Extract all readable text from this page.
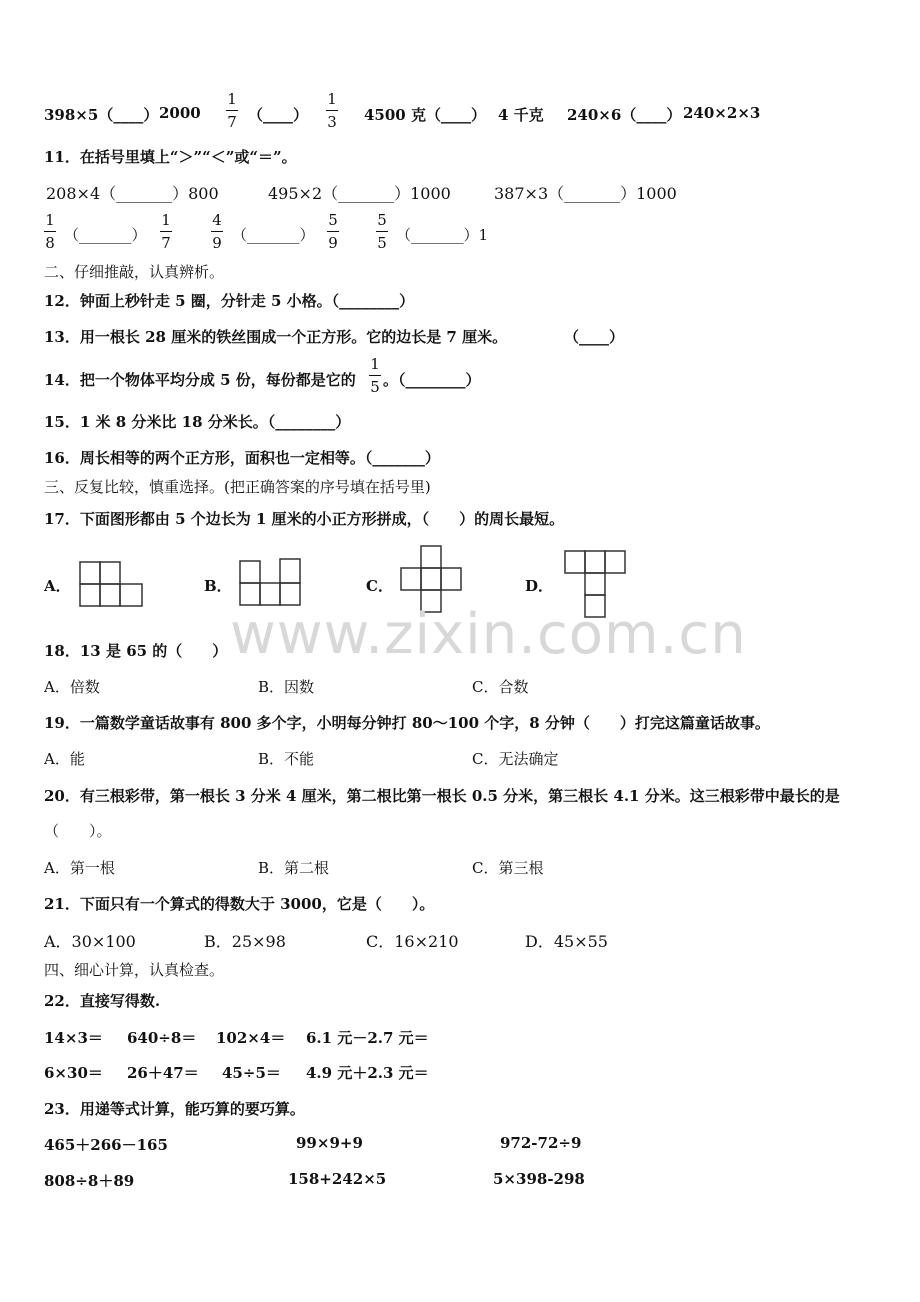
398×5（____） 2000
1
7 （____）
1
3 4500 克（____） 4 千克 240×6（____） 240×2×3
11．在括号里填上“＞”“＜”或“＝”。
208×4（_______）800	495×2（_______）1000	387×3（_______）1000
1
8 （_______）
1
7
4
9 （_______）
5
9
5
5 （_______）1
二、仔细推敲，认真辨析。
12．钟面上秒针走 5 圈，分针走 5 小格。（________）
13．用一根长 28 厘米的铁丝围成一个正方形。它的边长是 7 厘米。	（____）
14．把一个物体平均分成 5 份，每份都是它的
1
5 。（________）
15．1 米 8 分米比 18 分米长。（________）
16．周长相等的两个正方形，面积也一定相等。（_______）
三、反复比较，慎重选择。(把正确答案的序号填在括号里)
17．下面图形都由 5 个边长为 1 厘米的小正方形拼成，（　　）的周长最短。
A．	B．	C．	D．
www.zixin.com.cn
18．13 是 65 的（　　）
A．倍数	B．因数	C．合数
19．一篇数学童话故事有 800 多个字，小明每分钟打 80～100 个字，8 分钟（　　）打完这篇童话故事。
A．能	B．不能	C．无法确定
20．有三根彩带，第一根长 3 分米 4 厘米，第二根比第一根长 0.5 分米，第三根长 4.1 分米。这三根彩带中最长的是
（　　）。
A．第一根	B．第二根	C．第三根
21．下面只有一个算式的得数大于 3000，它是（　　）。
A．30×100	B．25×98	C．16×210	D．45×55
四、细心计算，认真检查。
22．直接写得数.
14×3＝ 640÷8＝ 102×4＝ 6.1 元－2.7 元＝
6×30＝ 26＋47＝ 45÷5＝ 4.9 元＋2.3 元＝
23．用递等式计算，能巧算的要巧算。
465＋266－165	99×9+9	972-72÷9
808÷8＋89	158+242×5	5×398-298
